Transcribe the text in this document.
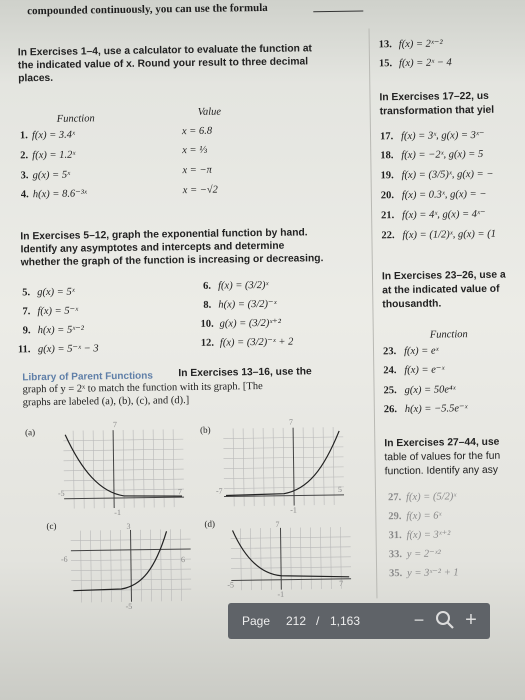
compounded continuously, you can use the formula
In Exercises 1–4, use a calculator to evaluate the function at
the indicated value of x. Round your result to three decimal
places.
Function
Value
1. f(x) = 3.4ˣ	x = 6.8
2. f(x) = 1.2ˣ	x = ⅓
3. g(x) = 5ˣ	x = −π
4. h(x) = 8.6⁻³ˣ	x = −√2
In Exercises 5–12, graph the exponential function by hand.
Identify any asymptotes and intercepts and determine
whether the graph of the function is increasing or decreasing.
5. g(x) = 5ˣ
6. f(x) = (3/2)ˣ
7. f(x) = 5⁻ˣ
8. h(x) = (3/2)⁻ˣ
9. h(x) = 5ˣ⁻²
10. g(x) = (3/2)ˣ⁺²
11. g(x) = 5⁻ˣ − 3
12. f(x) = (3/2)⁻ˣ + 2
Library of Parent Functions In Exercises 13–16, use the
graph of y = 2ˣ to match the function with its graph. [The
graphs are labeled (a), (b), (c), and (d).]
(a)
7
-5	7
-1
(b)
7
-7	5
-1
(c)	3
-6	6
-5
(d)	7
-5	7
-1
13. f(x) = 2ˣ⁻²
15. f(x) = 2ˣ − 4
In Exercises 17–22, us
transformation that yiel
17. f(x) = 3ˣ, g(x) = 3ˣ⁻
18. f(x) = −2ˣ, g(x) = 5
19. f(x) = (3/5)ˣ, g(x) = −
20. f(x) = 0.3ˣ, g(x) = −
21. f(x) = 4ˣ, g(x) = 4ˣ⁻
22. f(x) = (1/2)ˣ, g(x) = (1
In Exercises 23–26, use a
at the indicated value of
thousandth.
Function
23. f(x) = eˣ
24. f(x) = e⁻ˣ
25. g(x) = 50e⁴ˣ
26. h(x) = −5.5e⁻ˣ
In Exercises 27–44, use
table of values for the fun
function. Identify any asy
27. f(x) = (5/2)ˣ
29. f(x) = 6ˣ
31. f(x) = 3ˣ⁺²
33. y = 2⁻ˣ²
35. y = 3ˣ⁻² + 1
Page 212 / 1,163	− +
